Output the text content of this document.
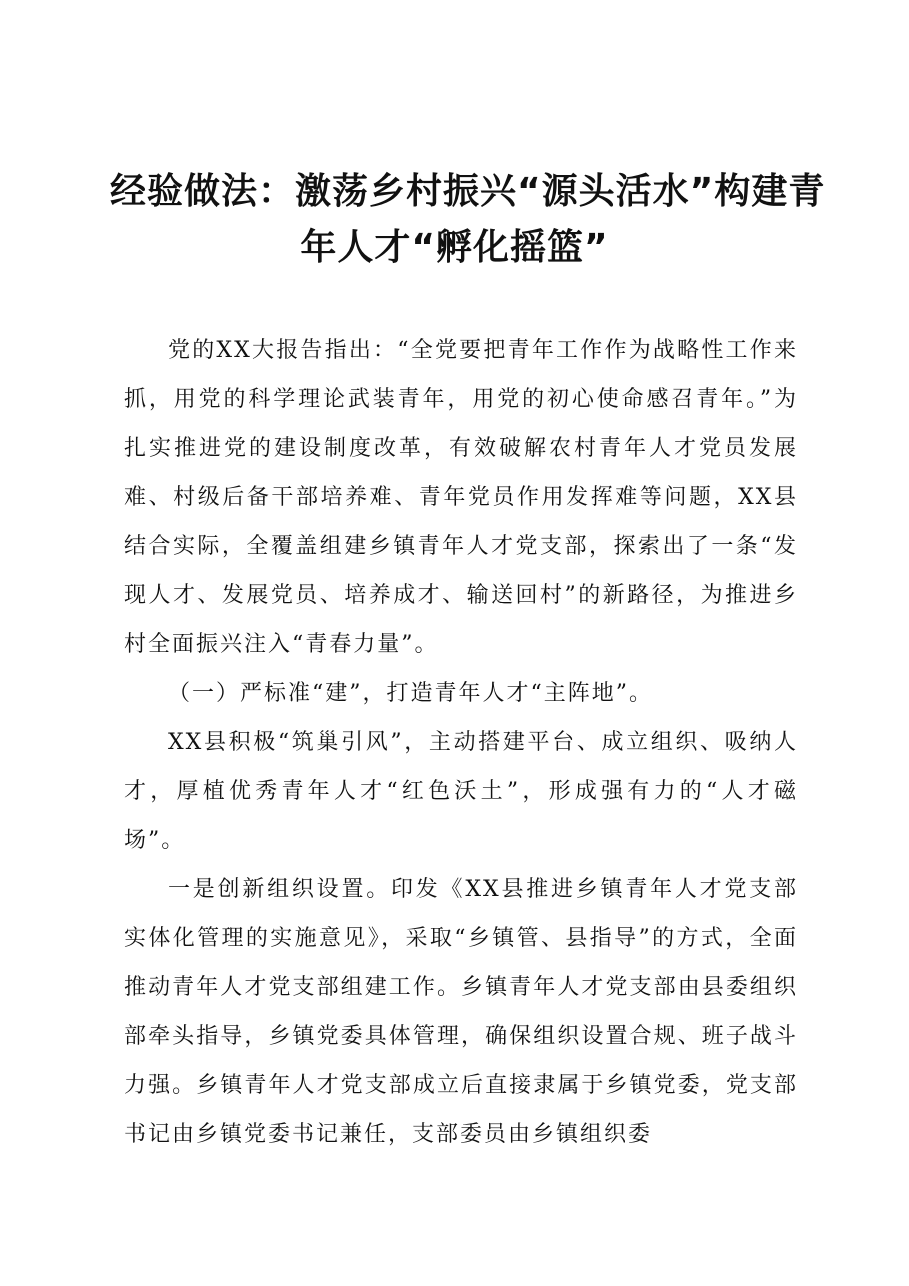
经验做法：激荡乡村振兴“源头活水”构建青
年人才“孵化摇篮”

党的XX大报告指出：“全党要把青年工作作为战略性工作来抓，用党的科学理论武装青年，用党的初心使命感召青年。”为扎实推进党的建设制度改革，有效破解农村青年人才党员发展难、村级后备干部培养难、青年党员作用发挥难等问题，XX县结合实际，全覆盖组建乡镇青年人才党支部，探索出了一条“发现人才、发展党员、培养成才、输送回村”的新路径，为推进乡村全面振兴注入“青春力量”。

（一）严标准“建”，打造青年人才“主阵地”。

XX县积极“筑巢引风”，主动搭建平台、成立组织、吸纳人才，厚植优秀青年人才“红色沃土”，形成强有力的“人才磁场”。

一是创新组织设置。印发《XX县推进乡镇青年人才党支部实体化管理的实施意见》，采取“乡镇管、县指导”的方式，全面推动青年人才党支部组建工作。乡镇青年人才党支部由县委组织部牵头指导，乡镇党委具体管理，确保组织设置合规、班子战斗力强。乡镇青年人才党支部成立后直接隶属于乡镇党委，党支部书记由乡镇党委书记兼任，支部委员由乡镇组织委
